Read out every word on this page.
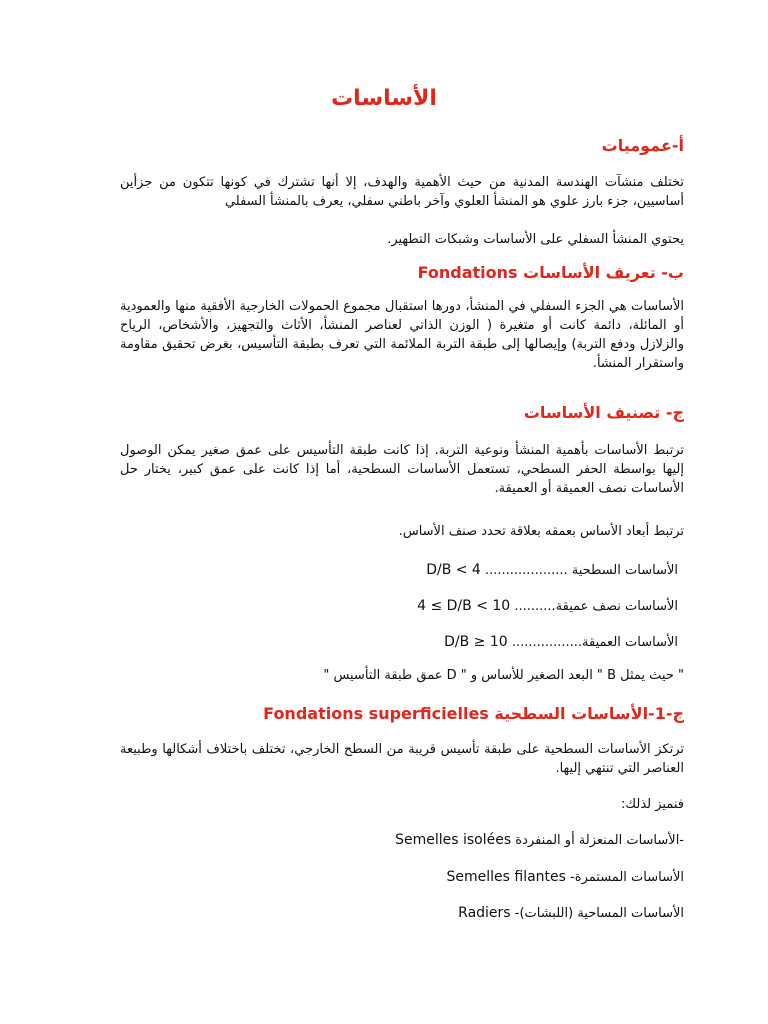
الأساسات
أ-عموميات

تختلف منشآت الهندسة المدنية من حيث الأهمية والهدف، إلا أنها تشترك في كونها تتكون من جزأين أساسيين، جزء بارز علوي هو المنشأ العلوي وآخر باطني سفلي، يعرف بالمنشأ السفلي

يحتوي المنشأ السفلي على الأساسات وشبكات التطهير.

ب- تعريف الأساسات Fondations

الأساسات هي الجزء السفلي في المنشأ، دورها استقبال مجموع الحمولات الخارجية الأفقية منها والعمودية أو المائلة، دائمة كانت أو متغيرة ( الوزن الذاتي لعناصر المنشأ، الأثاث والتجهيز، والأشخاص، الرياح والزلازل ودفع التربة) وإيصالها إلى طبقة التربة الملائمة التي تعرف بطبقة التأسيس، بغرض تحقيق مقاومة واستقرار المنشأ.

ج- تصنيف الأساسات

ترتبط الأساسات بأهمية المنشأ ونوعية التربة. إذا كانت طبقة التأسيس على عمق صغير يمكن الوصول إليها بواسطة الحفر السطحي، تستعمل الأساسات السطحية، أما إذا كانت على عمق كبير، يختار حل الأساسات نصف العميقة أو العميقة.

ترتبط أبعاد الأساس بعمقه بعلاقة تحدد صنف الأساس.

الأساسات السطحية .................... D/B < 4
الأساسات نصف عميقة.......... 4 ≤ D/B < 10
الأساسات العميقة................. D/B ≥ 10

" حيث يمثل B " البعد الصغير للأساس و " D عمق طبقة التأسيس "

ج-1-الأساسات السطحية Fondations superficielles

ترتكز الأساسات السطحية على طبقة تأسيس قريبة من السطح الخارجي، تختلف باختلاف أشكالها وطبيعة العناصر التي تنتهي إليها.

فنميز لذلك:

-الأساسات المنعزلة أو المنفردة Semelles isolées
الأساسات المستمرة- Semelles filantes
الأساسات المساحية (اللبشات)- Radiers
